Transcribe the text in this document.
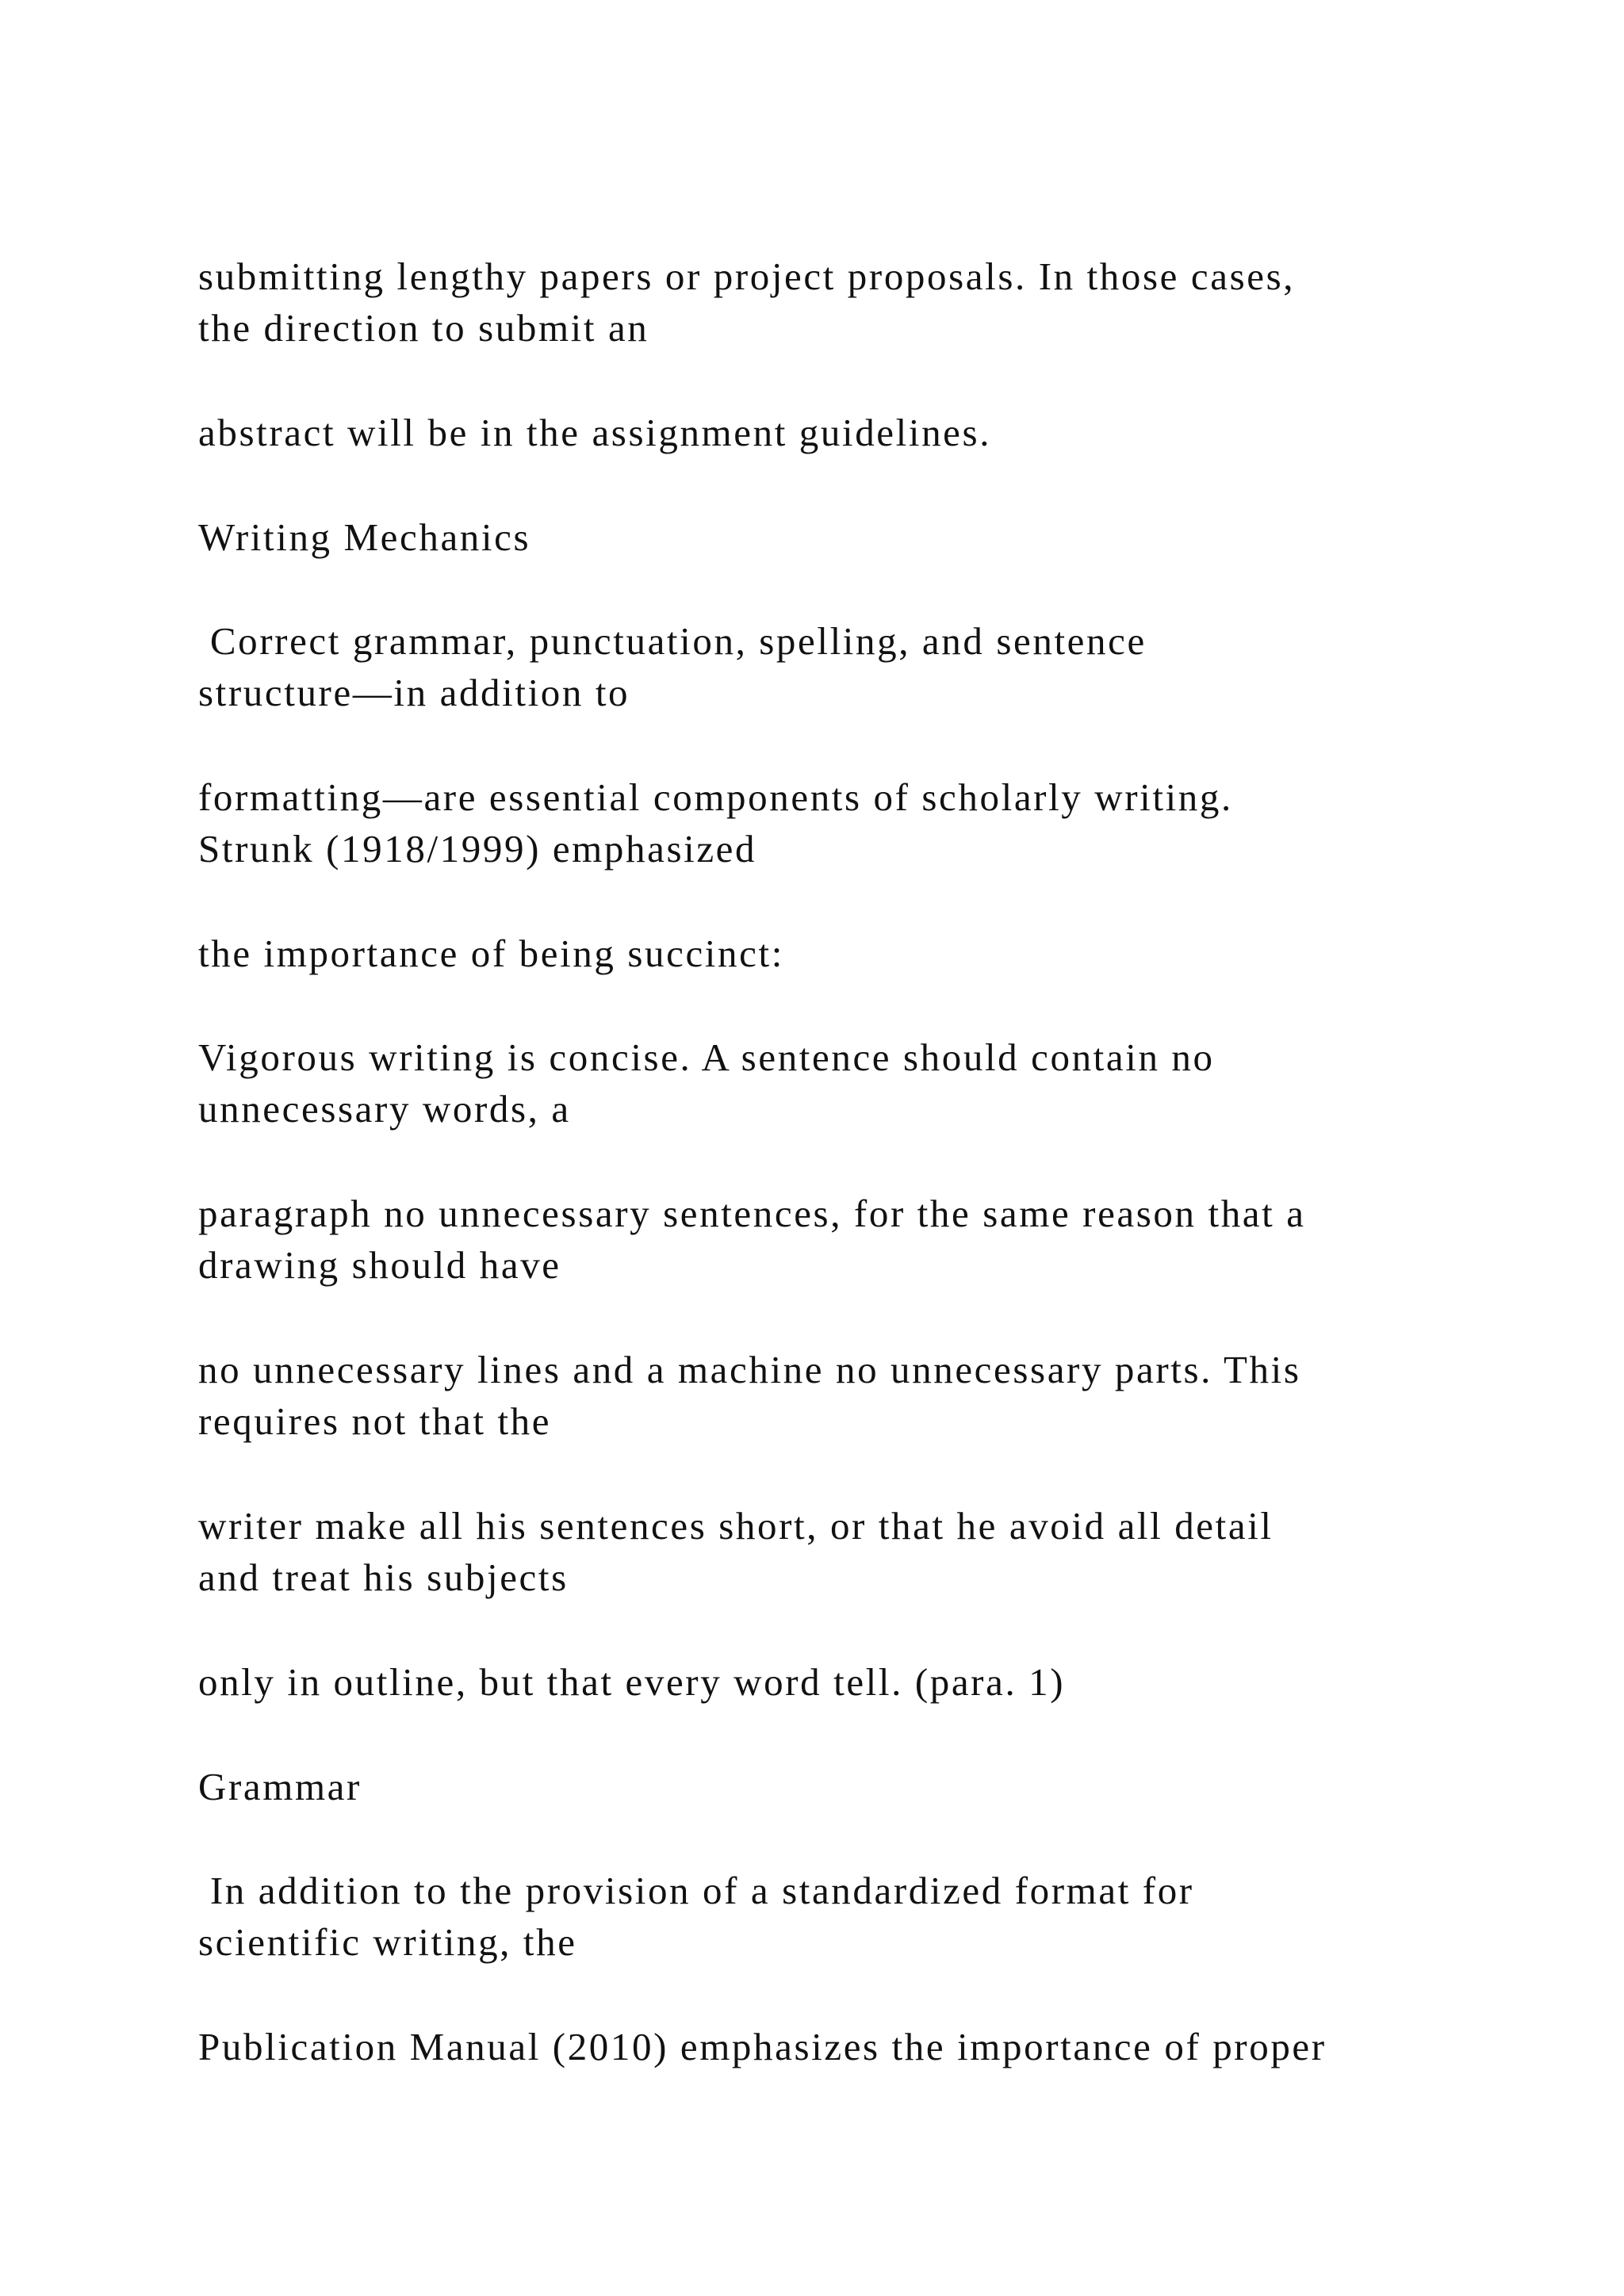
submitting lengthy papers or project proposals. In those cases,
the direction to submit an

abstract will be in the assignment guidelines.

Writing Mechanics

Correct grammar, punctuation, spelling, and sentence
structure—in addition to

formatting—are essential components of scholarly writing.
Strunk (1918/1999) emphasized

the importance of being succinct:

Vigorous writing is concise. A sentence should contain no
unnecessary words, a

paragraph no unnecessary sentences, for the same reason that a
drawing should have

no unnecessary lines and a machine no unnecessary parts. This
requires not that the

writer make all his sentences short, or that he avoid all detail
and treat his subjects

only in outline, but that every word tell. (para. 1)

Grammar

In addition to the provision of a standardized format for
scientific writing, the

Publication Manual (2010) emphasizes the importance of proper
